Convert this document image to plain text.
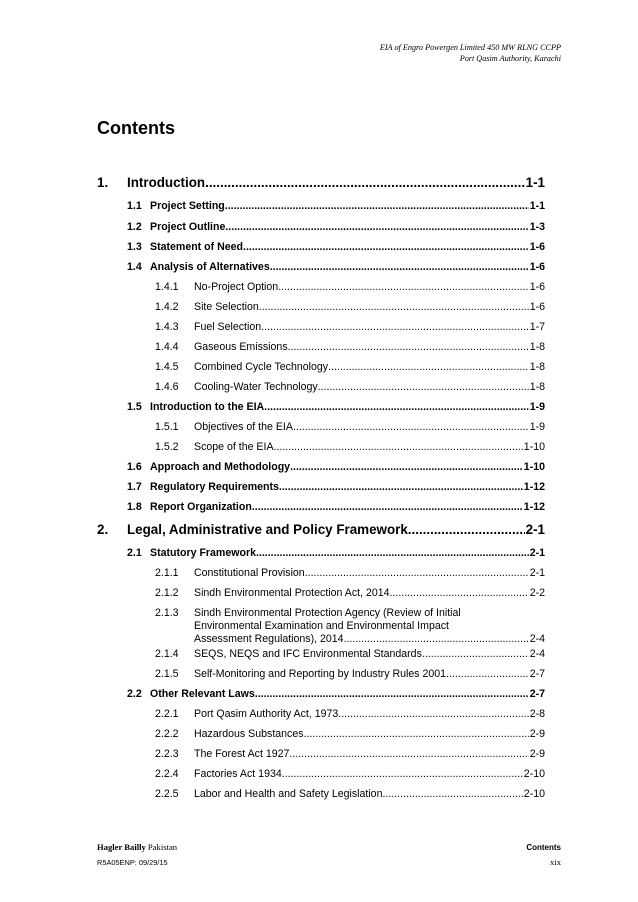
EIA of Engro Powergen Limited 450 MW RLNG CCPP
Port Qasim Authority, Karachi
Contents
1.	Introduction .....	1-1
1.1 Project Setting .....	1-1
1.2 Project Outline .....	1-3
1.3 Statement of Need .....	1-6
1.4 Analysis of Alternatives .....	1-6
1.4.1	No-Project Option .....	1-6
1.4.2	Site Selection .....	1-6
1.4.3	Fuel Selection .....	1-7
1.4.4	Gaseous Emissions .....	1-8
1.4.5	Combined Cycle Technology .....	1-8
1.4.6	Cooling-Water Technology .....	1-8
1.5 Introduction to the EIA .....	1-9
1.5.1	Objectives of the EIA .....	1-9
1.5.2	Scope of the EIA .....	1-10
1.6 Approach and Methodology .....	1-10
1.7 Regulatory Requirements .....	1-12
1.8 Report Organization .....	1-12
2.	Legal, Administrative and Policy Framework .....	2-1
2.1 Statutory Framework .....	2-1
2.1.1	Constitutional Provision .....	2-1
2.1.2	Sindh Environmental Protection Act, 2014 .....	2-2
2.1.3 Sindh Environmental Protection Agency (Review of Initial
Environmental Examination and Environmental Impact
Assessment Regulations), 2014 .....	2-4
2.1.4	SEQS, NEQS and IFC Environmental Standards .....	2-4
2.1.5	Self-Monitoring and Reporting by Industry Rules 2001 .....	2-7
2.2 Other Relevant Laws .....	2-7
2.2.1	Port Qasim Authority Act, 1973 .....	2-8
2.2.2	Hazardous Substances .....	2-9
2.2.3	The Forest Act 1927 .....	2-9
2.2.4	Factories Act 1934 .....	2-10
2.2.5	Labor and Health and Safety Legislation .....	2-10
Hagler Bailly Pakistan
R5A05ENP: 09/29/15
Contents
xix
